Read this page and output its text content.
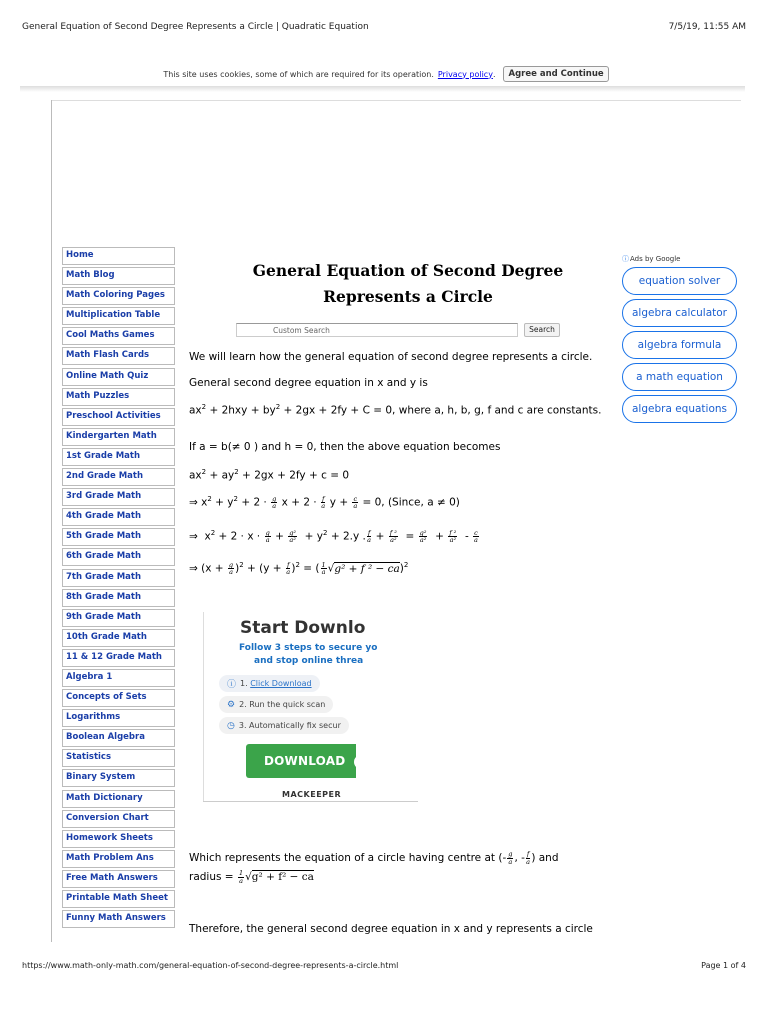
General Equation of Second Degree Represents a Circle | Quadratic Equation	7/5/19, 11:55 AM
This site uses cookies, some of which are required for its operation. Privacy policy .	Agree and Continue
Home
Math Blog
Math Coloring Pages
Multiplication Table
Cool Maths Games
Math Flash Cards
Online Math Quiz
Math Puzzles
Preschool Activities
Kindergarten Math
1st Grade Math
2nd Grade Math
3rd Grade Math
4th Grade Math
5th Grade Math
6th Grade Math
7th Grade Math
8th Grade Math
9th Grade Math
10th Grade Math
11 & 12 Grade Math
Algebra 1
Concepts of Sets
Logarithms
Boolean Algebra
Statistics
Binary System
Math Dictionary
Conversion Chart
Homework Sheets
Math Problem Ans
Free Math Answers
Printable Math Sheet
Funny Math Answers
General Equation of Second Degree
Represents a Circle
Custom Search	Search
We will learn how the general equation of second degree represents a circle.
General second degree equation in x and y is
$ax^2 + 2hxy + by^2 + 2gx + 2fy + C = 0$, where a, h, b, g, f and c are constants.
If a = b(≠ 0 ) and h = 0, then the above equation becomes
$ax^2 + ay^2 + 2gx + 2fy + c = 0$
⇒ $x^2 + y^2 + 2 \cdot \frac{g}{a}$ $x + 2 \cdot \frac{f}{a}$ $y + \frac{c}{a} = 0$, (Since, a ≠ 0)
⇒  $x^2 + 2 \cdot x \cdot \frac{g}{a} + \frac{\text{g²}}{\text{a²}} + y^2 + 2.y$ . $\frac{f}{a} + \frac{\text{f ²}}{\text{a²}} = \frac{\text{g²}}{\text{a²}} + \frac{\text{f ²}}{\text{a²}} - \frac{c}{a}$
⇒ $(x + \frac{g}{a} )^2 + (y + \frac{f}{a} )^2$ = ( $\frac{1}{a} √g^2 + f$ ² − ca)$^2$
Start Downlo
Follow 3 steps to secure yo
and stop online threa
ⓘ 1.
Click Download
⚙ 2. Run the quick scan
◷ 3. Automatically fix secur
DOWNLOAD
MACKEEPER
Which represents the equation of a circle having centre at (- $\frac{g}{a}$ , - $\frac{f}{a}$ ) and
radius = $\frac{1}{a} √g^2 + f^2$ − ca
Therefore, the general second degree equation in x and y represents a circle
ⓘAds by Google
equation solver
algebra calculator
algebra formula
a math equation
algebra equations
https://www.math-only-math.com/general-equation-of-second-degree-represents-a-circle.html	Page 1 of 4
